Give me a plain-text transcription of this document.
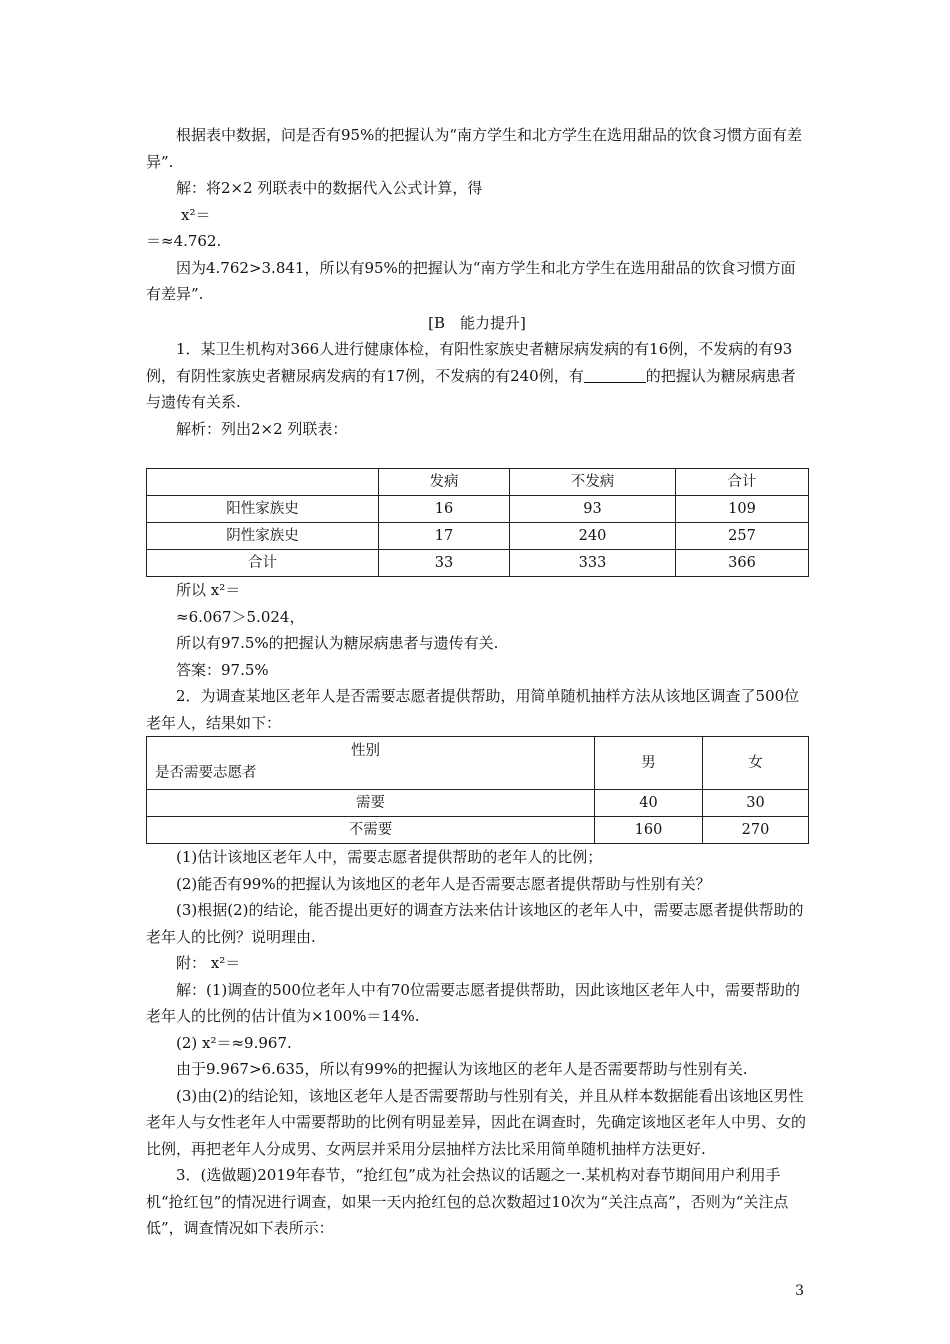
根据表中数据，问是否有95%的把握认为“南方学生和北方学生在选用甜品的饮食习惯方面有差异”.

解：将2×2 列联表中的数据代入公式计算，得

x²＝

＝≈4.762.

因为4.762>3.841，所以有95%的把握认为“南方学生和北方学生在选用甜品的饮食习惯方面有差异”.

[B　能力提升]

1．某卫生机构对366人进行健康体检，有阳性家族史者糖尿病发病的有16例，不发病的有93例，有阴性家族史者糖尿病发病的有17例，不发病的有240例，有	的把握认为糖尿病患者与遗传有关系.

解析：列出2×2 列联表：

	发病	不发病	合计
阳性家族史	16	93	109
阴性家族史	17	240	257
合计	33	333	366

所以 x²＝

≈6.067＞5.024，

所以有97.5%的把握认为糖尿病患者与遗传有关.

答案：97.5%

2．为调查某地区老年人是否需要志愿者提供帮助，用简单随机抽样方法从该地区调查了500位老年人，结果如下：

性别
是否需要志愿者	男	女
需要	40	30
不需要	160	270

(1)估计该地区老年人中，需要志愿者提供帮助的老年人的比例；

(2)能否有99%的把握认为该地区的老年人是否需要志愿者提供帮助与性别有关？

(3)根据(2)的结论，能否提出更好的调查方法来估计该地区的老年人中，需要志愿者提供帮助的老年人的比例？说明理由.

附： x²＝

解：(1)调查的500位老年人中有70位需要志愿者提供帮助，因此该地区老年人中，需要帮助的老年人的比例的估计值为×100%＝14%.

(2) x²＝≈9.967.

由于9.967>6.635，所以有99%的把握认为该地区的老年人是否需要帮助与性别有关.

(3)由(2)的结论知，该地区老年人是否需要帮助与性别有关，并且从样本数据能看出该地区男性老年人与女性老年人中需要帮助的比例有明显差异，因此在调查时，先确定该地区老年人中男、女的比例，再把老年人分成男、女两层并采用分层抽样方法比采用简单随机抽样方法更好.

3．(选做题)2019年春节，“抢红包”成为社会热议的话题之一.某机构对春节期间用户利用手机“抢红包”的情况进行调查，如果一天内抢红包的总次数超过10次为“关注点高”，否则为“关注点低”，调查情况如下表所示：

3
